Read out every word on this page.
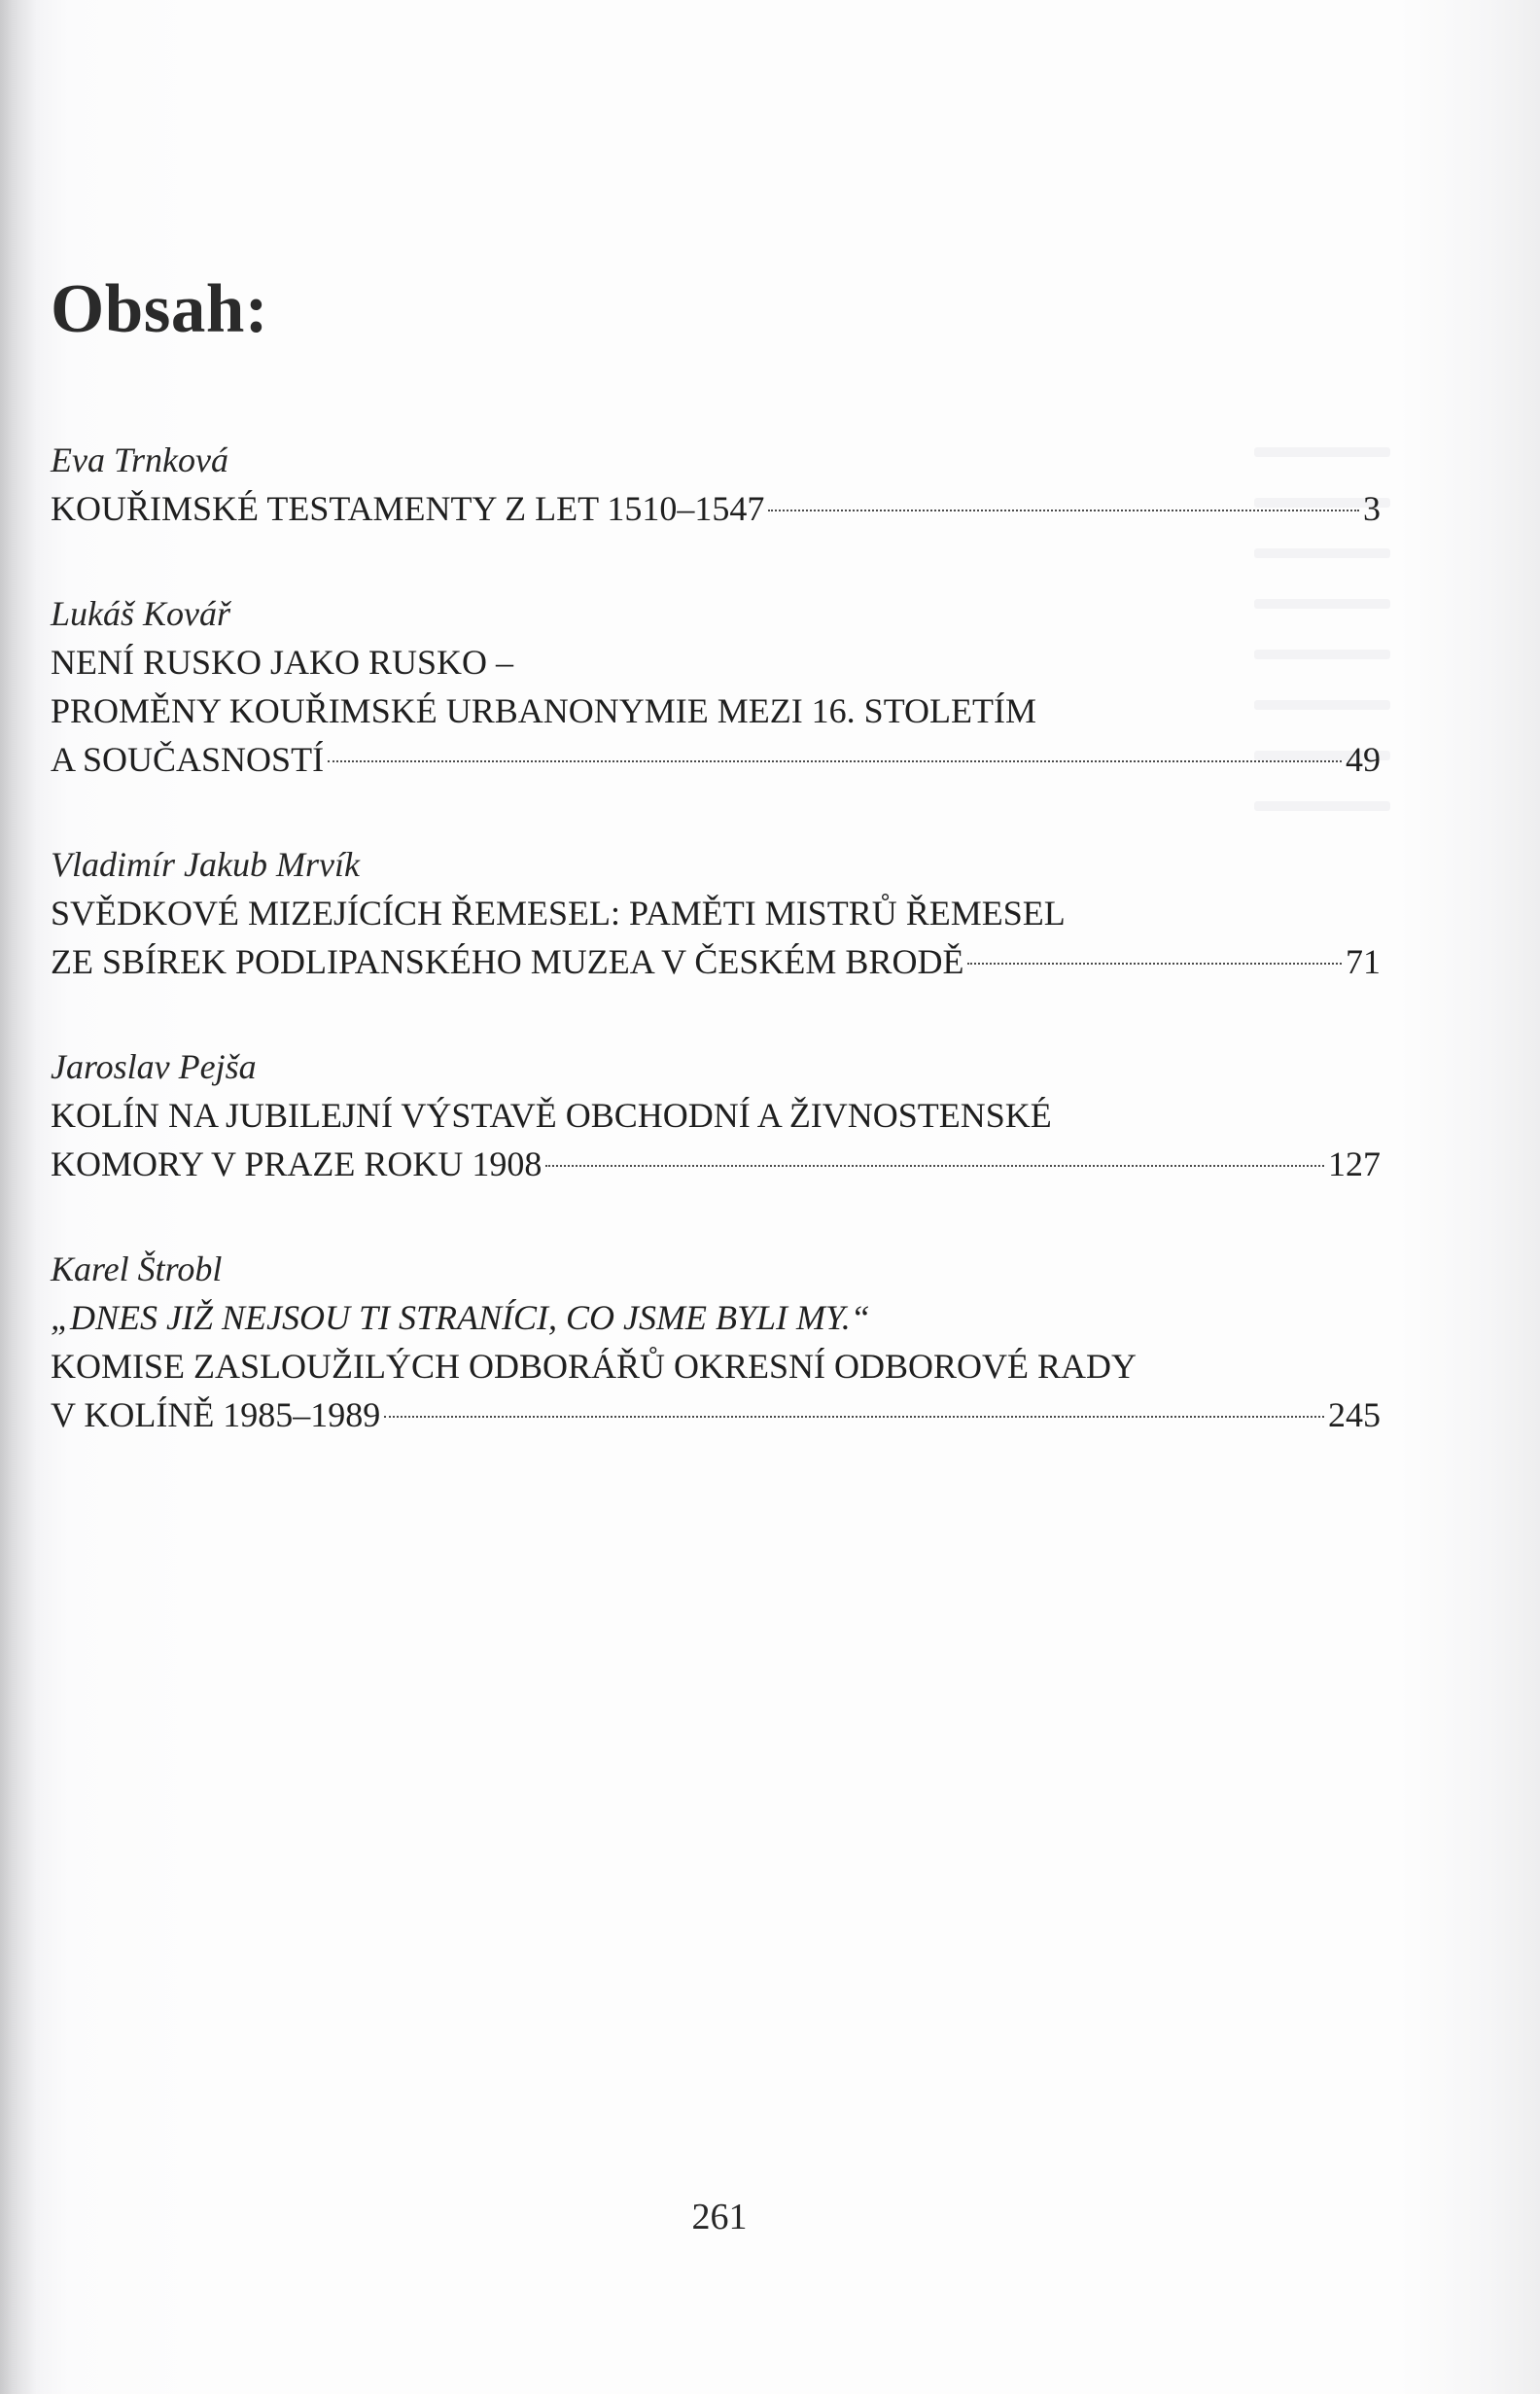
Obsah:
Eva Trnková
KOUŘIMSKÉ TESTAMENTY Z LET 1510–1547	3
Lukáš Kovář
NENÍ RUSKO JAKO RUSKO –
PROMĚNY KOUŘIMSKÉ URBANONYMIE MEZI 16. STOLETÍM
A SOUČASNOSTÍ	49
Vladimír Jakub Mrvík
SVĚDKOVÉ MIZEJÍCÍCH ŘEMESEL: PAMĚTI MISTRŮ ŘEMESEL
ZE SBÍREK PODLIPANSKÉHO MUZEA V ČESKÉM BRODĚ	71
Jaroslav Pejša
KOLÍN NA JUBILEJNÍ VÝSTAVĚ OBCHODNÍ A ŽIVNOSTENSKÉ
KOMORY V PRAZE ROKU 1908	127
Karel Štrobl
„DNES JIŽ NEJSOU TI STRANÍCI, CO JSME BYLI MY.“
KOMISE ZASLOUŽILÝCH ODBORÁŘŮ OKRESNÍ ODBOROVÉ RADY
V KOLÍNĚ 1985–1989	245
261
